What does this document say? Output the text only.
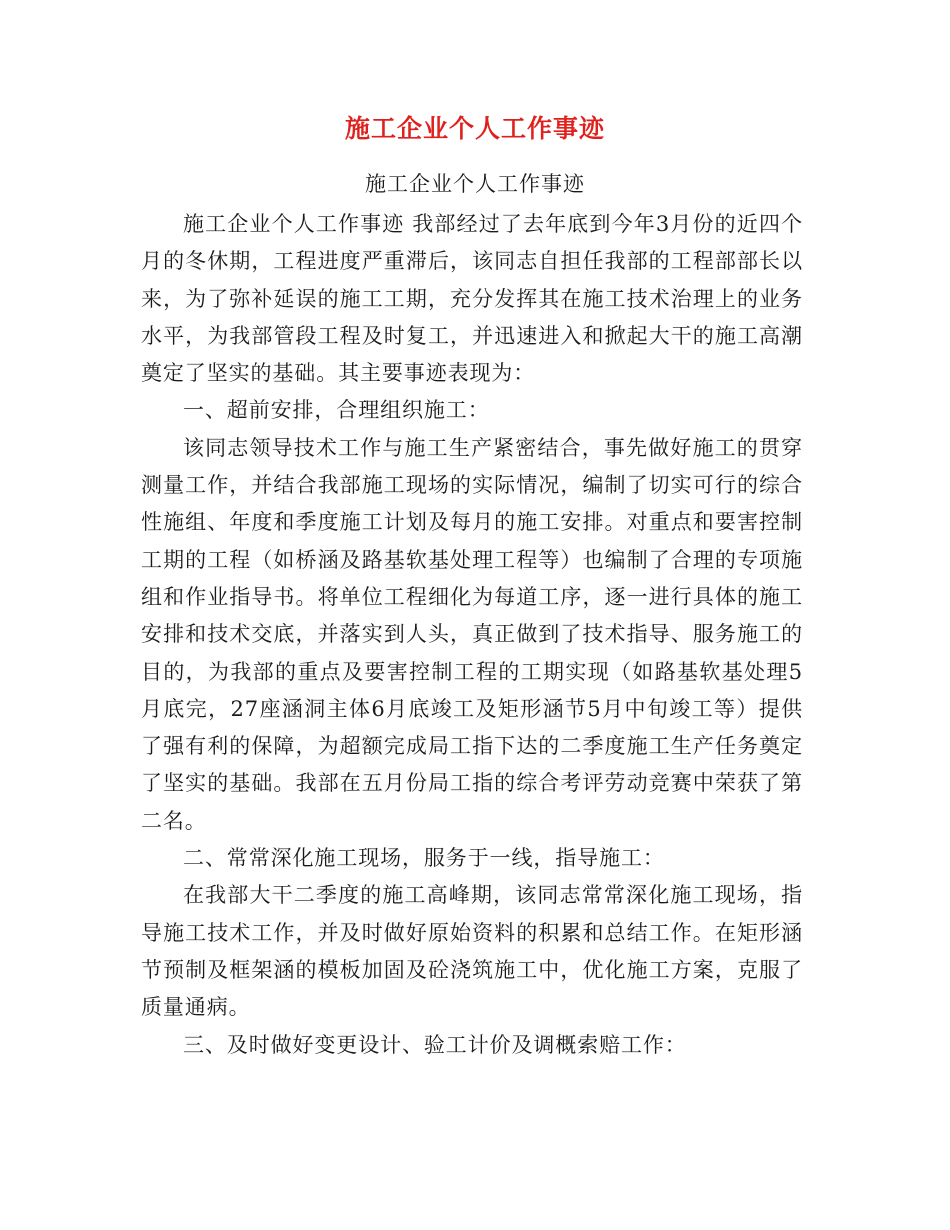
施工企业个人工作事迹
施工企业个人工作事迹

施工企业个人工作事迹 我部经过了去年底到今年3月份的近四个月的冬休期，工程进度严重滞后，该同志自担任我部的工程部部长以来，为了弥补延误的施工工期，充分发挥其在施工技术治理上的业务水平，为我部管段工程及时复工，并迅速进入和掀起大干的施工高潮奠定了坚实的基础。其主要事迹表现为：

一、超前安排，合理组织施工：

该同志领导技术工作与施工生产紧密结合，事先做好施工的贯穿测量工作，并结合我部施工现场的实际情况，编制了切实可行的综合性施组、年度和季度施工计划及每月的施工安排。对重点和要害控制工期的工程（如桥涵及路基软基处理工程等）也编制了合理的专项施组和作业指导书。将单位工程细化为每道工序，逐一进行具体的施工安排和技术交底，并落实到人头，真正做到了技术指导、服务施工的目的，为我部的重点及要害控制工程的工期实现（如路基软基处理5月底完，27座涵洞主体6月底竣工及矩形涵节5月中旬竣工等）提供了强有利的保障，为超额完成局工指下达的二季度施工生产任务奠定了坚实的基础。我部在五月份局工指的综合考评劳动竞赛中荣获了第二名。

二、常常深化施工现场，服务于一线，指导施工：

在我部大干二季度的施工高峰期，该同志常常深化施工现场，指导施工技术工作，并及时做好原始资料的积累和总结工作。在矩形涵节预制及框架涵的模板加固及砼浇筑施工中，优化施工方案，克服了质量通病。

三、及时做好变更设计、验工计价及调概索赔工作：
